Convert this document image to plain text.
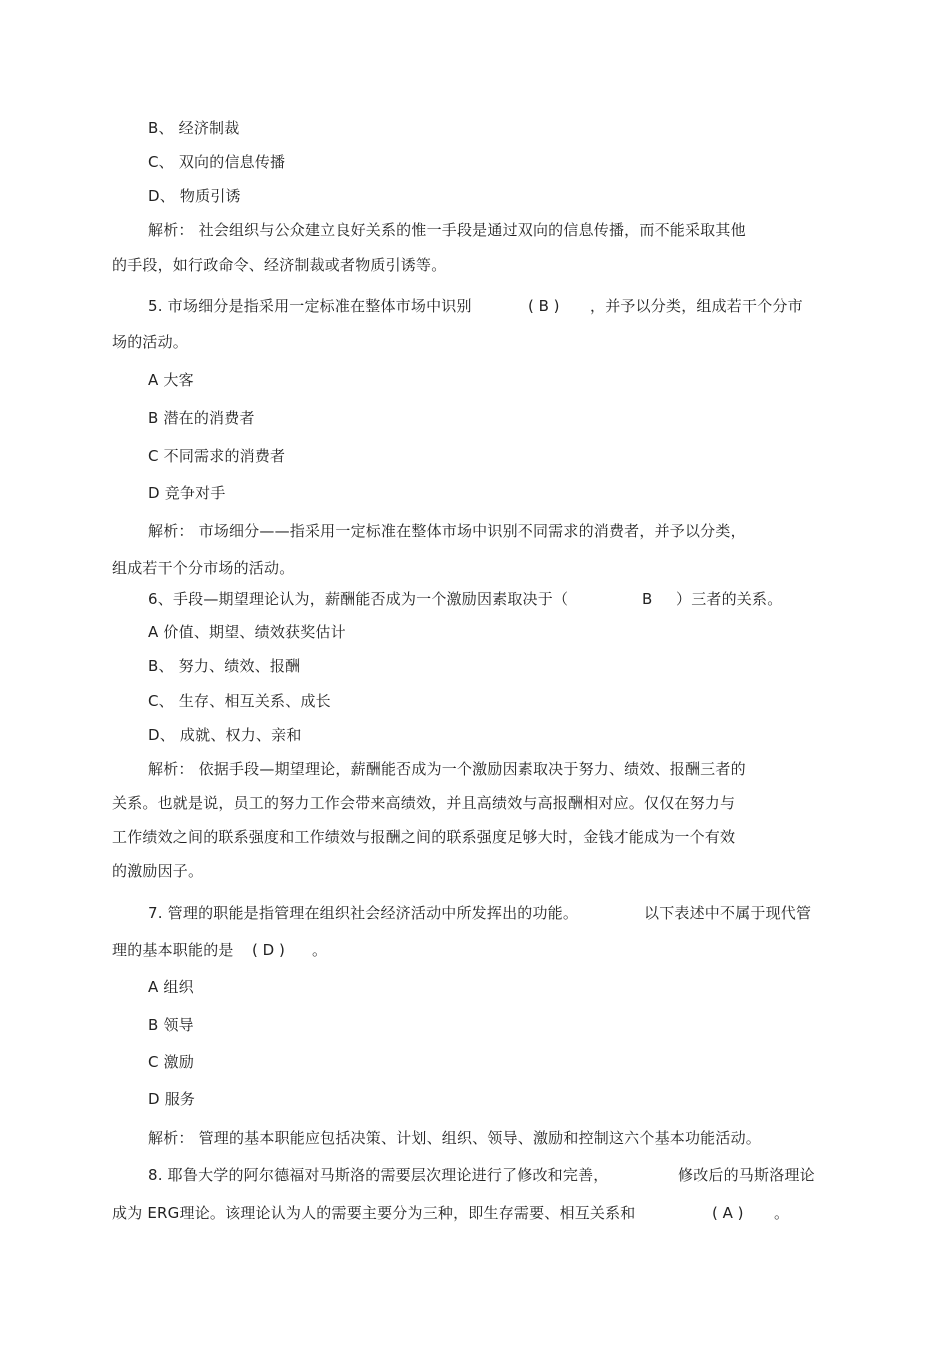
B、 经济制裁
C、 双向的信息传播
D、 物质引诱
解析： 社会组织与公众建立良好关系的惟一手段是通过双向的信息传播，而不能采取其他
的手段，如行政命令、经济制裁或者物质引诱等。
5. 市场细分是指采用一定标准在整体市场中识别	( B ) ，并予以分类，组成若干个分市
场的活动。
A 大客
B 潜在的消费者
C 不同需求的消费者
D 竞争对手
解析： 市场细分——指采用一定标准在整体市场中识别不同需求的消费者，并予以分类，
组成若干个分市场的活动。
6、手段—期望理论认为，薪酬能否成为一个激励因素取决于（	B ）三者的关系。
A 价值、期望、绩效获奖估计
B、 努力、绩效、报酬
C、 生存、相互关系、成长
D、 成就、权力、亲和
解析： 依据手段—期望理论，薪酬能否成为一个激励因素取决于努力、绩效、报酬三者的
关系。也就是说，员工的努力工作会带来高绩效，并且高绩效与高报酬相对应。仅仅在努力与
工作绩效之间的联系强度和工作绩效与报酬之间的联系强度足够大时，金钱才能成为一个有效
的激励因子。
7. 管理的职能是指管理在组织社会经济活动中所发挥出的功能。	以下表述中不属于现代管
理的基本职能的是 ( D ) 。
A 组织
B 领导
C 激励
D 服务
解析： 管理的基本职能应包括决策、计划、组织、领导、激励和控制这六个基本功能活动。
8. 耶鲁大学的阿尔德福对马斯洛的需要层次理论进行了修改和完善，	修改后的马斯洛理论
成为 ERG理论。该理论认为人的需要主要分为三种，即生存需要、相互关系和	( A ) 。
